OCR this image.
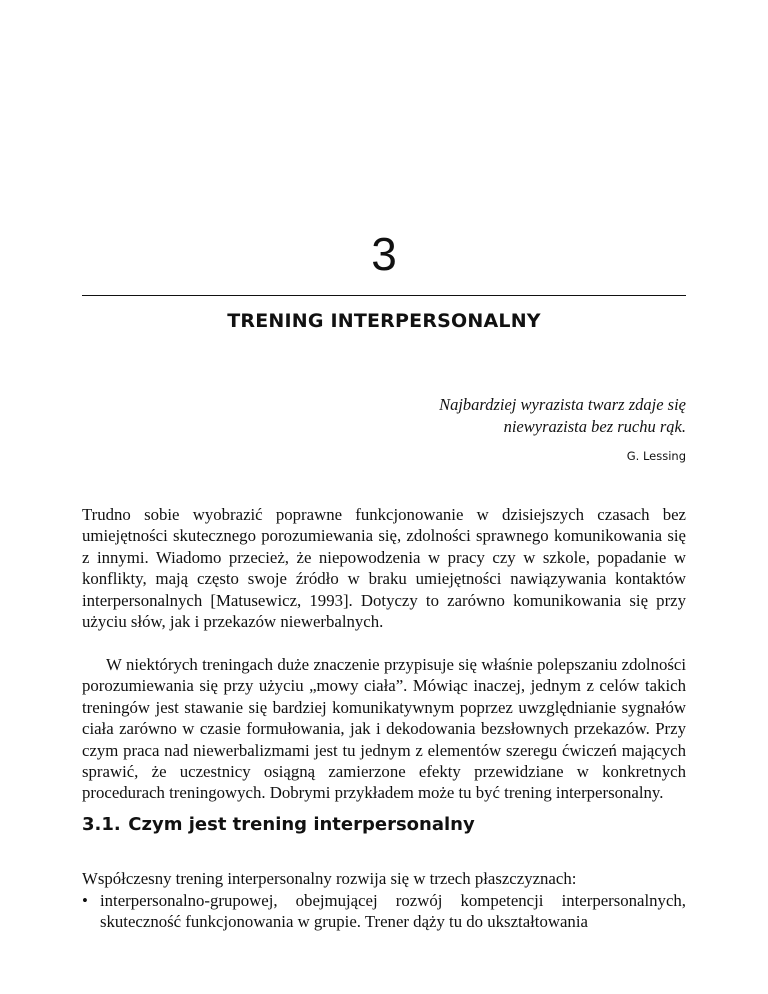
3
TRENING INTERPERSONALNY
Najbardziej wyrazista twarz zdaje się
niewyrazista bez ruchu rąk.
G. Lessing

Trudno sobie wyobrazić poprawne funkcjonowanie w dzisiejszych czasach bez umiejętności skutecznego porozumiewania się, zdolności sprawnego komunikowania się z innymi. Wiadomo przecież, że niepowodzenia w pracy czy w szkole, popadanie w konflikty, mają często swoje źródło w braku umiejętności nawiązywania kontaktów interpersonalnych [Matusewicz, 1993]. Dotyczy to zarówno komunikowania się przy użyciu słów, jak i przekazów niewerbalnych.

W niektórych treningach duże znaczenie przypisuje się właśnie polepszaniu zdolności porozumiewania się przy użyciu „mowy ciała”. Mówiąc inaczej, jednym z celów takich treningów jest stawanie się bardziej komunikatywnym poprzez uwzględnianie sygnałów ciała zarówno w czasie formułowania, jak i dekodowania bezsłownych przekazów. Przy czym praca nad niewerbalizmami jest tu jednym z elementów szeregu ćwiczeń mających sprawić, że uczestnicy osiągną zamierzone efekty przewidziane w konkretnych procedurach treningowych. Dobrymi przykładem może tu być trening interpersonalny.

3.1. Czym jest trening interpersonalny

Współczesny trening interpersonalny rozwija się w trzech płaszczyznach:

• interpersonalno-grupowej, obejmującej rozwój kompetencji interpersonalnych, skuteczność funkcjonowania w grupie. Trener dąży tu do ukształtowania
